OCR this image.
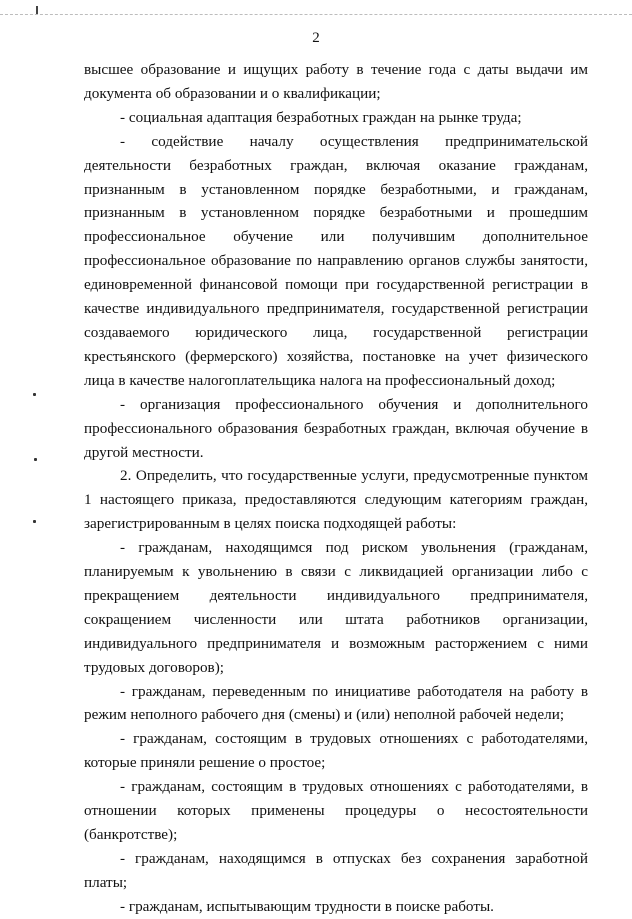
2

высшее образование и ищущих работу в течение года с даты выдачи им документа об образовании и о квалификации;

- социальная адаптация безработных граждан на рынке труда;

- содействие началу осуществления предпринимательской деятельности безработных граждан, включая оказание гражданам, признанным в установленном порядке безработными, и гражданам, признанным в установленном порядке безработными и прошедшим профессиональное обучение или получившим дополнительное профессиональное образование по направлению органов службы занятости, единовременной финансовой помощи при государственной регистрации в качестве индивидуального предпринимателя, государственной регистрации создаваемого юридического лица, государственной регистрации крестьянского (фермерского) хозяйства, постановке на учет физического лица в качестве налогоплательщика налога на профессиональный доход;

- организация профессионального обучения и дополнительного профессионального образования безработных граждан, включая обучение в другой местности.

2. Определить, что государственные услуги, предусмотренные пунктом 1 настоящего приказа, предоставляются следующим категориям граждан, зарегистрированным в целях поиска подходящей работы:

- гражданам, находящимся под риском увольнения (гражданам, планируемым к увольнению в связи с ликвидацией организации либо с прекращением деятельности индивидуального предпринимателя, сокращением численности или штата работников организации, индивидуального предпринимателя и возможным расторжением с ними трудовых договоров);

- гражданам, переведенным по инициативе работодателя на работу в режим неполного рабочего дня (смены) и (или) неполной рабочей недели;

- гражданам, состоящим в трудовых отношениях с работодателями, которые приняли решение о простое;

- гражданам, состоящим в трудовых отношениях с работодателями, в отношении которых применены процедуры о несостоятельности (банкротстве);

- гражданам, находящимся в отпусках без сохранения заработной платы;

- гражданам, испытывающим трудности в поиске работы.
